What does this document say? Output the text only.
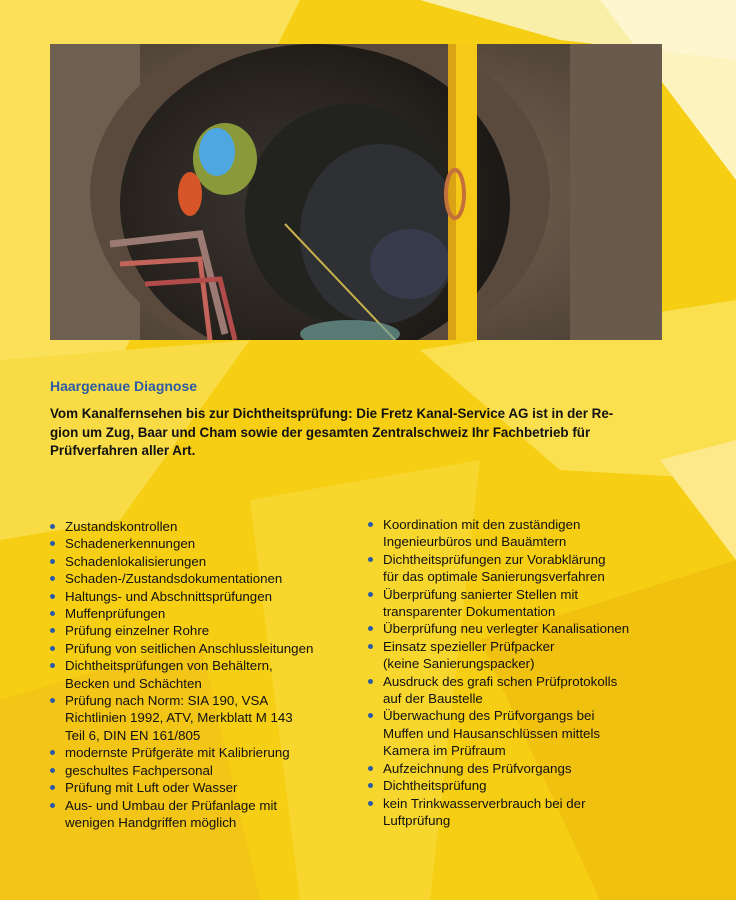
Haargenaue Diagnose

Vom Kanalfernsehen bis zur Dichtheitsprüfung: Die Fretz Kanal-Service AG ist in der Re-
gion um Zug, Baar und Cham sowie der gesamten Zentralschweiz Ihr Fachbetrieb für
Prüfverfahren aller Art.

Zustandskontrollen
Schadenerkennungen
Schadenlokalisierungen
Schaden-/Zustandsdokumentationen
Haltungs- und Abschnittsprüfungen
Muffenprüfungen
Prüfung einzelner Rohre
Prüfung von seitlichen Anschlussleitungen
Dichtheitsprüfungen von Behältern,
Becken und Schächten
Prüfung nach Norm: SIA 190, VSA
Richtlinien 1992, ATV, Merkblatt M 143
Teil 6, DIN EN 161/805
modernste Prüfgeräte mit Kalibrierung
geschultes Fachpersonal
Prüfung mit Luft oder Wasser
Aus- und Umbau der Prüfanlage mit
wenigen Handgriffen möglich
Koordination mit den zuständigen
Ingenieurbüros und Bauämtern
Dichtheitsprüfungen zur Vorabklärung
für das optimale Sanierungsverfahren
Überprüfung sanierter Stellen mit
transparenter Dokumentation
Überprüfung neu verlegter Kanalisationen
Einsatz spezieller Prüfpacker
(keine Sanierungspacker)
Ausdruck des grafi schen Prüfprotokolls
auf der Baustelle
Überwachung des Prüfvorgangs bei
Muffen und Hausanschlüssen mittels
Kamera im Prüfraum
Aufzeichnung des Prüfvorgangs
Dichtheitsprüfung
kein Trinkwasserverbrauch bei der
Luftprüfung
